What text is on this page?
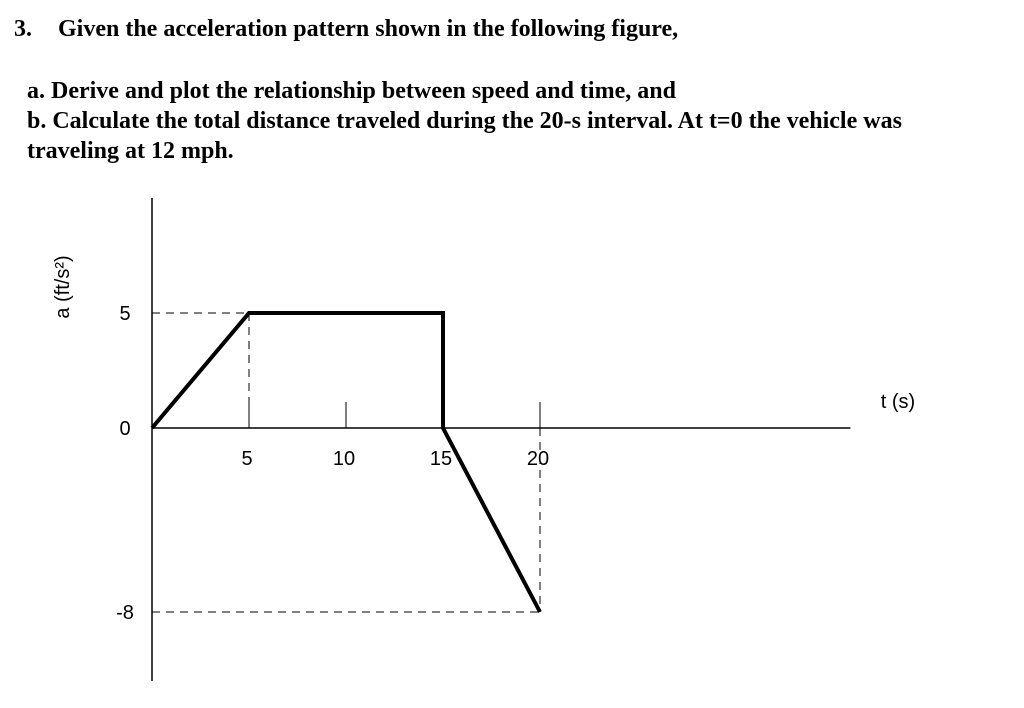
3. Given the acceleration pattern shown in the following figure,
a. Derive and plot the relationship between speed and time, and
b. Calculate the total distance traveled during the 20-s interval. At t=0 the vehicle was
traveling at 12 mph.
5	10	15	20
5
0
-8
t (s)
a (ft/s²)
